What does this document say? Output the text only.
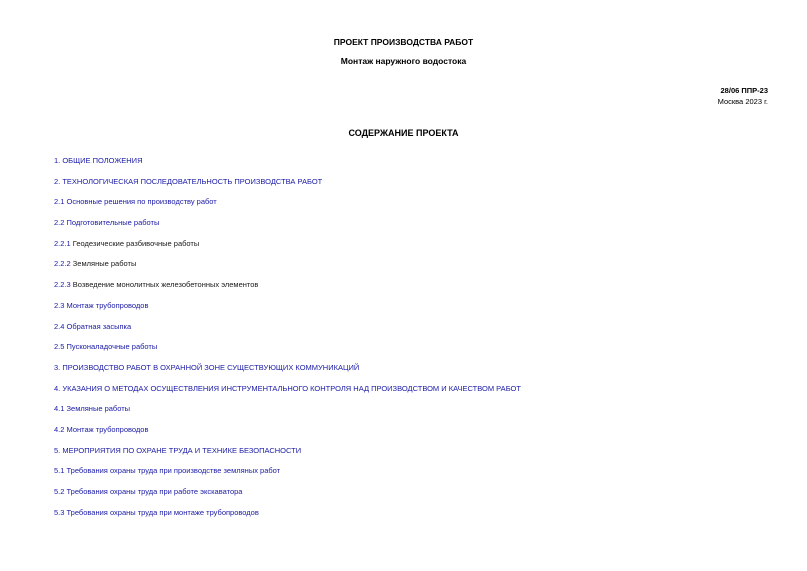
ПРОЕКТ ПРОИЗВОДСТВА РАБОТ
Монтаж наружного водостока
28/06 ППР-23
Москва 2023 г.
СОДЕРЖАНИЕ ПРОЕКТА
1. ОБЩИЕ ПОЛОЖЕНИЯ
2. ТЕХНОЛОГИЧЕСКАЯ ПОСЛЕДОВАТЕЛЬНОСТЬ ПРОИЗВОДСТВА РАБОТ
2.1 Основные решения по производству работ
2.2 Подготовительные работы
2.2.1 Геодезические разбивочные работы
2.2.2 Земляные работы
2.2.3 Возведение монолитных железобетонных элементов
2.3 Монтаж трубопроводов
2.4 Обратная засыпка
2.5 Пусконаладочные работы
3. ПРОИЗВОДСТВО РАБОТ В ОХРАННОЙ ЗОНЕ СУЩЕСТВУЮЩИХ КОММУНИКАЦИЙ
4. УКАЗАНИЯ О МЕТОДАХ ОСУЩЕСТВЛЕНИЯ ИНСТРУМЕНТАЛЬНОГО КОНТРОЛЯ НАД ПРОИЗВОДСТВОМ И КАЧЕСТВОМ РАБОТ
4.1 Земляные работы
4.2 Монтаж трубопроводов
5. МЕРОПРИЯТИЯ ПО ОХРАНЕ ТРУДА И ТЕХНИКЕ БЕЗОПАСНОСТИ
5.1 Требования охраны труда при производстве земляных работ
5.2 Требования охраны труда при работе экскаватора
5.3 Требования охраны труда при монтаже трубопроводов
